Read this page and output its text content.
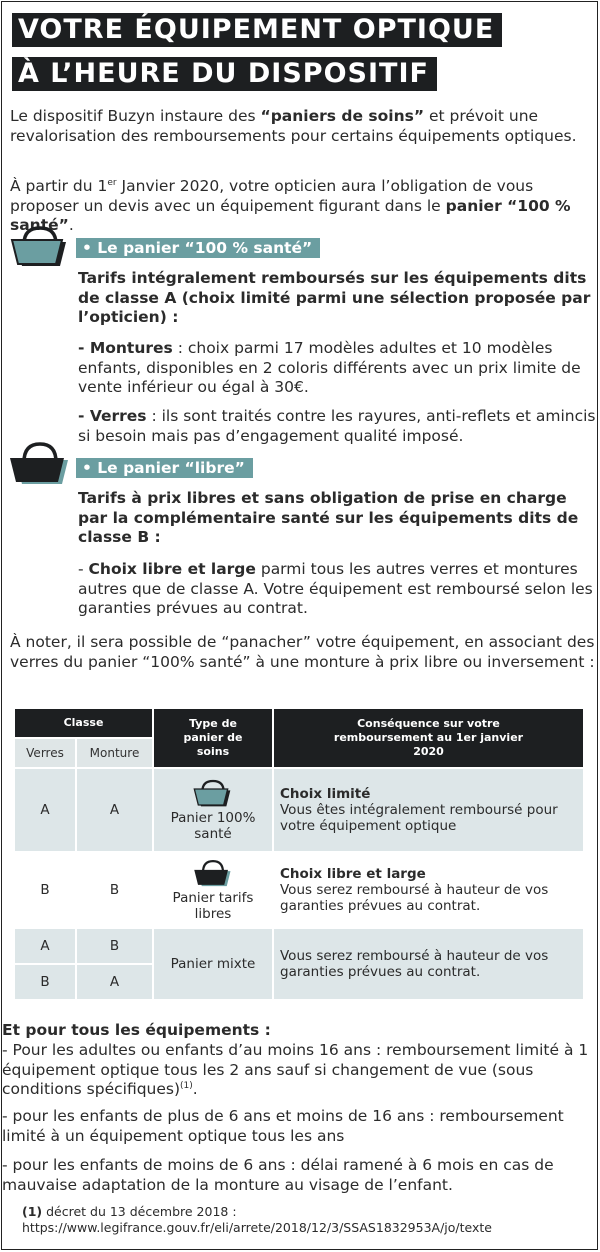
VOTRE ÉQUIPEMENT OPTIQUE
À L’HEURE DU DISPOSITIF

Le dispositif Buzyn instaure des “paniers de soins” et prévoit une revalorisation des remboursements pour certains équipements optiques.

À partir du 1er Janvier 2020, votre opticien aura l’obligation de vous proposer un devis avec un équipement figurant dans le panier “100 % santé”.

• Le panier “100 % santé”

Tarifs intégralement remboursés sur les équipements dits de classe A (choix limité parmi une sélection proposée par l’opticien) :

- Montures : choix parmi 17 modèles adultes et 10 modèles enfants, disponibles en 2 coloris différents avec un prix limite de vente inférieur ou égal à 30€.

- Verres : ils sont traités contre les rayures, anti-reflets et amincis si besoin mais pas d’engagement qualité imposé.

• Le panier “libre”

Tarifs à prix libres et sans obligation de prise en charge par la complémentaire santé sur les équipements dits de classe B :

- Choix libre et large parmi tous les autres verres et montures autres que de classe A. Votre équipement est remboursé selon les garanties prévues au contrat.

À noter, il sera possible de “panacher” votre équipement, en associant des verres du panier “100% santé” à une monture à prix libre ou inversement :

Classe		Type de panier de soins	Conséquence sur votre remboursement au 1er janvier 2020
Verres	Monture		
A	A	Panier 100% santé	Choix limité
Vous êtes intégralement remboursé pour votre équipement optique
B	B	Panier tarifs libres	Choix libre et large
Vous serez remboursé à hauteur de vos garanties prévues au contrat.
A	B	Panier mixte	Vous serez remboursé à hauteur de vos garanties prévues au contrat.
B	A		

Et pour tous les équipements :

- Pour les adultes ou enfants d’au moins 16 ans : remboursement limité à 1 équipement optique tous les 2 ans sauf si changement de vue (sous conditions spécifiques)$^{(1)}$.

- pour les enfants de plus de 6 ans et moins de 16 ans : remboursement limité à un équipement optique tous les ans

- pour les enfants de moins de 6 ans : délai ramené à 6 mois en cas de mauvaise adaptation de la monture au visage de l’enfant.

(1) décret du 13 décembre 2018 : https://www.legifrance.gouv.fr/eli/arrete/2018/12/3/SSAS1832953A/jo/texte
